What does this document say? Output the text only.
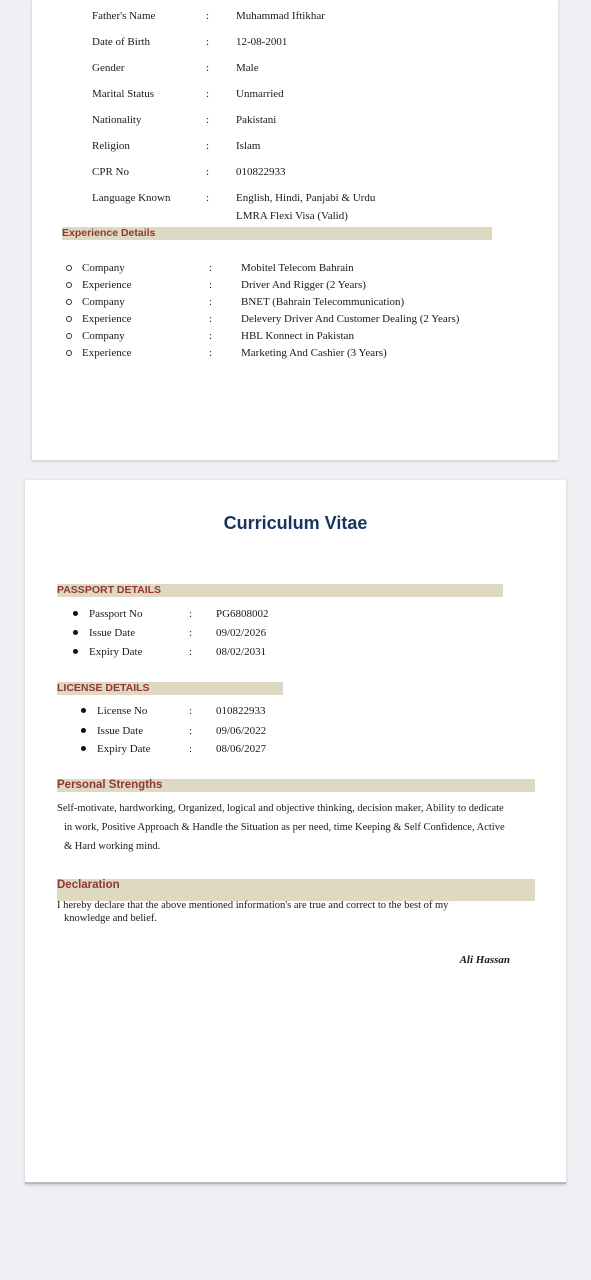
Father's Name	: Muhammad Iftikhar
Date of Birth	: 12-08-2001
Gender	: Male
Marital Status	: Unmarried
Nationality	: Pakistani
Religion	: Islam
CPR No	: 010822933
Language Known	: English, Hindi, Panjabi & Urdu
LMRA Flexi Visa (Valid)
Experience Details
Company	:	Mobitel Telecom Bahrain
Experience	:	Driver And Rigger (2 Years)
Company	:	BNET (Bahrain Telecommunication)
Experience	:	Delevery Driver And Customer Dealing (2 Years)
Company	:	HBL Konnect in Pakistan
Experience	:	Marketing And Cashier (3 Years)
Curriculum Vitae
PASSPORT DETAILS
Passport No	: PG6808002
Issue Date	: 09/02/2026
Expiry Date	: 08/02/2031
LICENSE DETAILS
License No	: 010822933
Issue Date	: 09/06/2022
Expiry Date	: 08/06/2027
Personal Strengths
Self-motivate, hardworking, Organized, logical and objective thinking, decision maker, Ability to dedicate
in work, Positive Approach & Handle the Situation as per need, time Keeping & Self Confidence, Active
& Hard working mind.
Declaration
I hereby declare that the above mentioned information's are true and correct to the best of my
knowledge and belief.
Ali Hassan
